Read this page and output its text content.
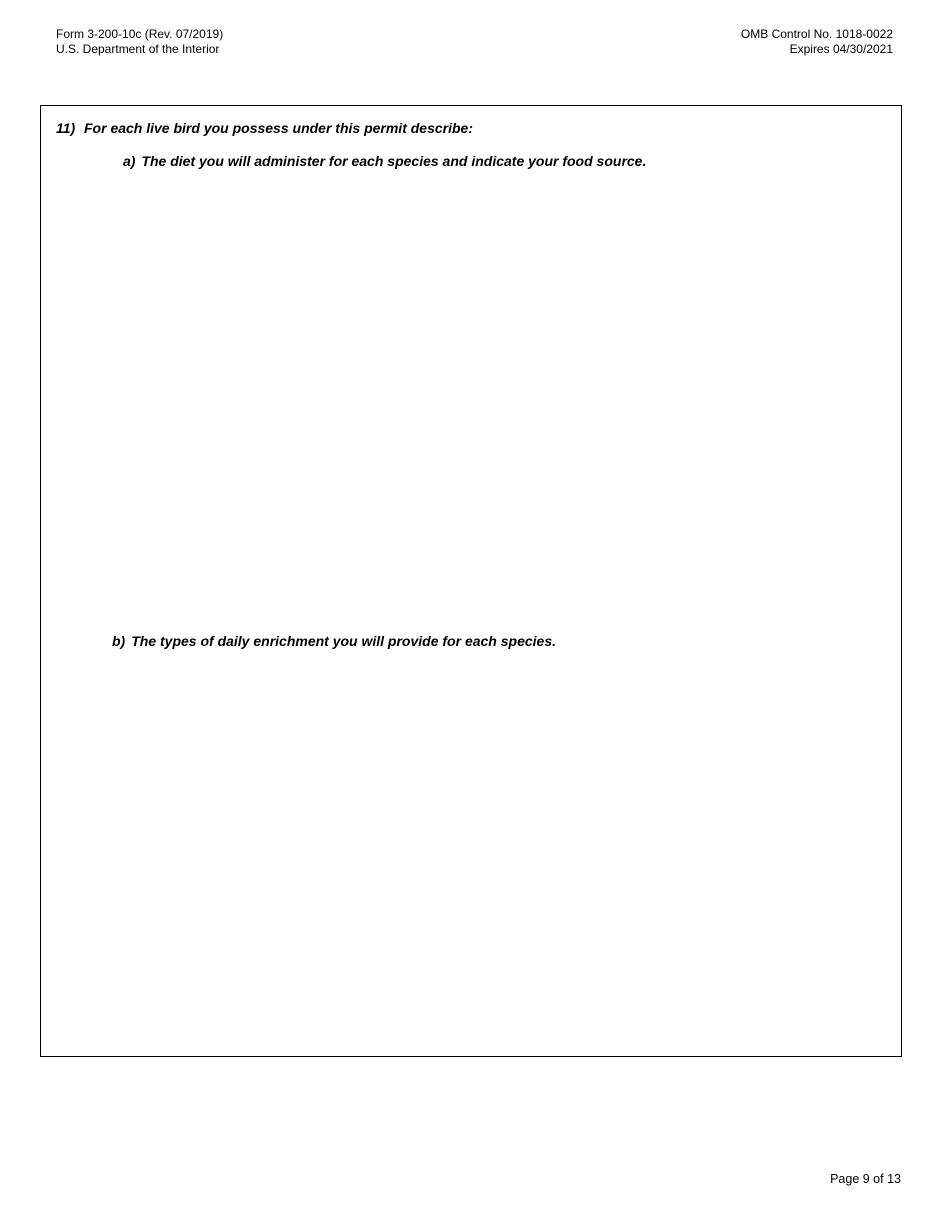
Form 3-200-10c (Rev. 07/2019)
U.S. Department of the Interior
OMB Control No. 1018-0022
Expires 04/30/2021
11) For each live bird you possess under this permit describe:
a) The diet you will administer for each species and indicate your food source.
b) The types of daily enrichment you will provide for each species.
Page 9 of 13
